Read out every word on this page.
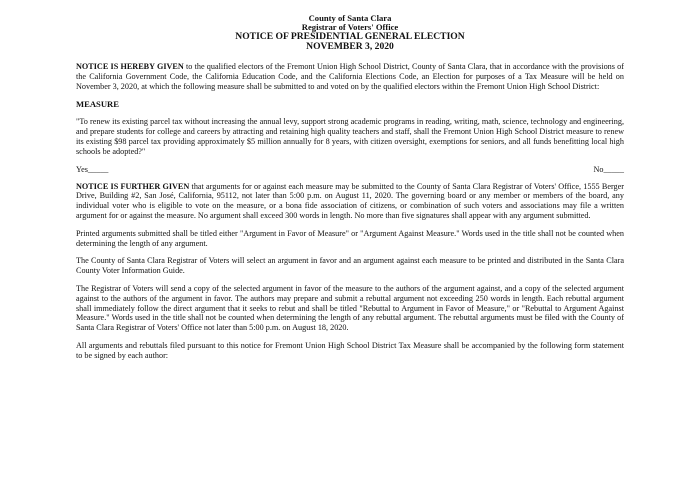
County of Santa Clara
Registrar of Voters' Office
NOTICE OF PRESIDENTIAL GENERAL ELECTION
NOVEMBER 3, 2020

NOTICE IS HEREBY GIVEN to the qualified electors of the Fremont Union High School District, County of Santa Clara, that in accordance with the provisions of the California Government Code, the California Education Code, and the California Elections Code, an Election for purposes of a Tax Measure will be held on November 3, 2020, at which the following measure shall be submitted to and voted on by the qualified electors within the Fremont Union High School District:

MEASURE

"To renew its existing parcel tax without increasing the annual levy, support strong academic programs in reading, writing, math, science, technology and engineering, and prepare students for college and careers by attracting and retaining high quality teachers and staff, shall the Fremont Union High School District measure to renew its existing $98 parcel tax providing approximately $5 million annually for 8 years, with citizen oversight, exemptions for seniors, and all funds benefitting local high schools be adopted?"

Yes_____	No_____

NOTICE IS FURTHER GIVEN that arguments for or against each measure may be submitted to the County of Santa Clara Registrar of Voters' Office, 1555 Berger Drive, Building #2, San José, California, 95112, not later than 5:00 p.m. on August 11, 2020. The governing board or any member or members of the board, any individual voter who is eligible to vote on the measure, or a bona fide association of citizens, or combination of such voters and associations may file a written argument for or against the measure. No argument shall exceed 300 words in length. No more than five signatures shall appear with any argument submitted.

Printed arguments submitted shall be titled either "Argument in Favor of Measure" or "Argument Against Measure." Words used in the title shall not be counted when determining the length of any argument.

The County of Santa Clara Registrar of Voters will select an argument in favor and an argument against each measure to be printed and distributed in the Santa Clara County Voter Information Guide.

The Registrar of Voters will send a copy of the selected argument in favor of the measure to the authors of the argument against, and a copy of the selected argument against to the authors of the argument in favor. The authors may prepare and submit a rebuttal argument not exceeding 250 words in length. Each rebuttal argument shall immediately follow the direct argument that it seeks to rebut and shall be titled "Rebuttal to Argument in Favor of Measure," or "Rebuttal to Argument Against Measure." Words used in the title shall not be counted when determining the length of any rebuttal argument. The rebuttal arguments must be filed with the County of Santa Clara Registrar of Voters' Office not later than 5:00 p.m. on August 18, 2020.

All arguments and rebuttals filed pursuant to this notice for Fremont Union High School District Tax Measure shall be accompanied by the following form statement to be signed by each author:
